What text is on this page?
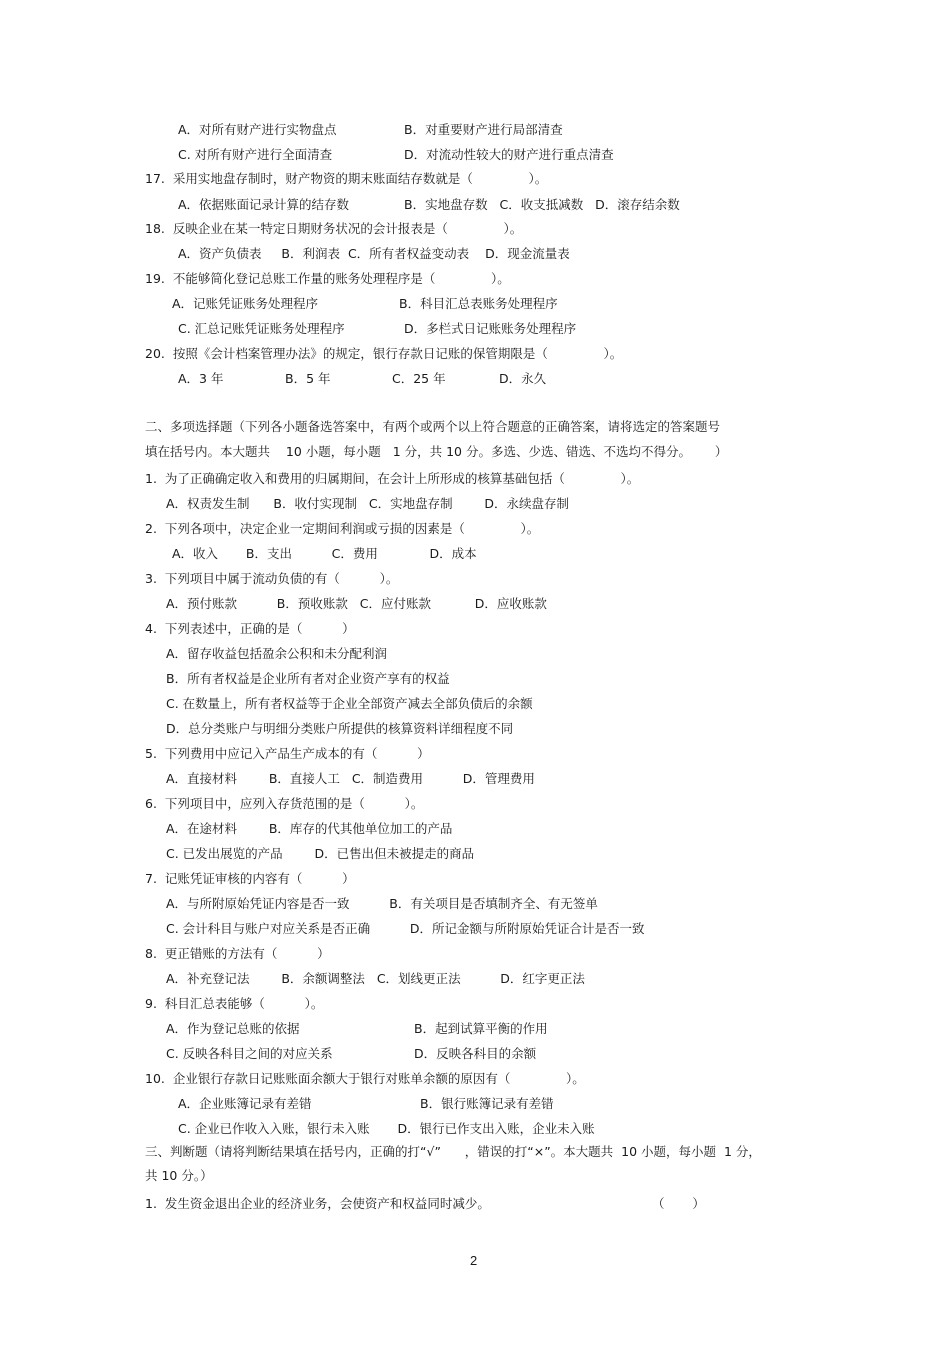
A．对所有财产进行实物盘点	B．对重要财产进行局部清查
C. 对所有财产进行全面清查	D．对流动性较大的财产进行重点清查
17.  采用实地盘存制时，财产物资的期末账面结存数就是（              ）。
A．依据账面记录计算的结存数	B．实地盘存数   C．收支抵减数   D．滚存结余数
18.  反映企业在某一特定日期财务状况的会计报表是（              ）。
A．资产负债表     B．利润表  C．所有者权益变动表    D．现金流量表
19.  不能够简化登记总账工作量的账务处理程序是（              ）。
A．记账凭证账务处理程序	B．科目汇总表账务处理程序
C. 汇总记账凭证账务处理程序	D．多栏式日记账账务处理程序
20.  按照《会计档案管理办法》的规定，银行存款日记账的保管期限是（              ）。
A．3 年	B．5 年	C．25 年	D．永久
二、多项选择题（下列各小题备选答案中，有两个或两个以上符合题意的正确答案，请将选定的答案题号
填在括号内。本大题共    10 小题，每小题   1 分，共 10 分。多选、少选、错选、不选均不得分。      ）
1.  为了正确确定收入和费用的归属期间，在会计上所形成的核算基础包括（              ）。
A．权责发生制      B．收付实现制   C．实地盘存制        D．永续盘存制
2.  下列各项中，决定企业一定期间利润或亏损的因素是（              ）。
A．收入       B．支出          C．费用             D．成本
3.  下列项目中属于流动负债的有（          ）。
A．预付账款          B．预收账款   C．应付账款           D．应收账款
4.  下列表述中，正确的是（          ）
A．留存收益包括盈余公积和未分配利润
B．所有者权益是企业所有者对企业资产享有的权益
C. 在数量上，所有者权益等于企业全部资产减去全部负债后的余额
D．总分类账户与明细分类账户所提供的核算资料详细程度不同
5.  下列费用中应记入产品生产成本的有（          ）
A．直接材料        B．直接人工   C．制造费用          D．管理费用
6.  下列项目中，应列入存货范围的是（          ）。
A．在途材料        B．库存的代其他单位加工的产品
C. 已发出展览的产品        D．已售出但未被提走的商品
7.  记账凭证审核的内容有（          ）
A．与所附原始凭证内容是否一致          B．有关项目是否填制齐全、有无签单
C. 会计科目与账户对应关系是否正确          D．所记金额与所附原始凭证合计是否一致
8.  更正错账的方法有（          ）
A．补充登记法        B．余额调整法   C．划线更正法          D．红字更正法
9.  科目汇总表能够（          ）。
A．作为登记总账的依据	B．起到试算平衡的作用
C. 反映各科目之间的对应关系	D．反映各科目的余额
10.  企业银行存款日记账账面余额大于银行对账单余额的原因有（              ）。
A．企业账簿记录有差错	B．银行账簿记录有差错
C. 企业已作收入入账，银行未入账       D．银行已作支出入账，企业未入账
三、判断题（请将判断结果填在括号内，正确的打“√”      ，错误的打“×”。本大题共  10 小题，每小题  1 分，
共 10 分。）
1.  发生资金退出企业的经济业务，会使资产和权益同时减少。	（       ）
2
